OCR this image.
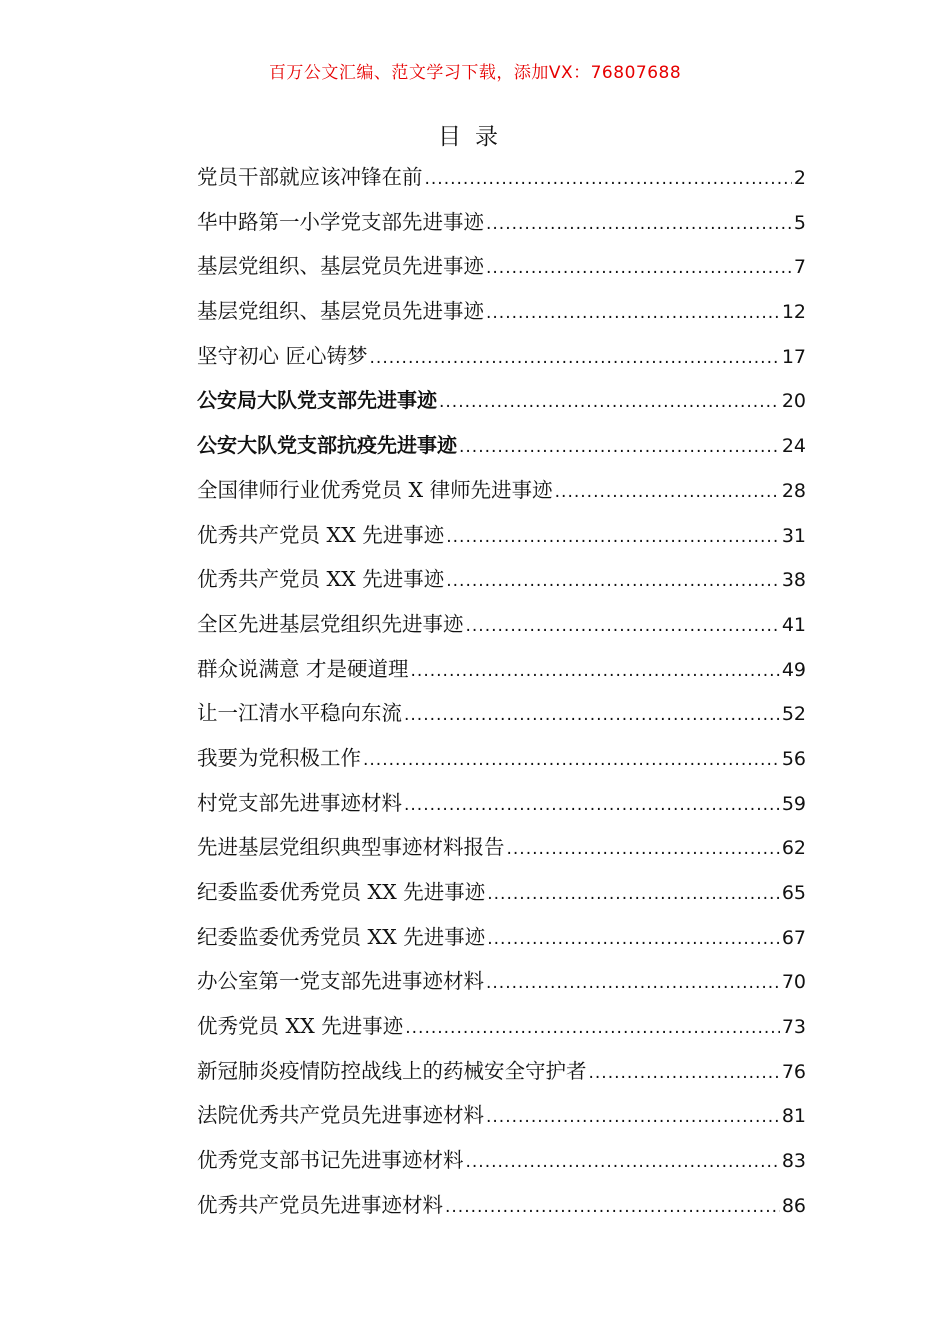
百万公文汇编、范文学习下载，添加VX：76807688
目录
党员干部就应该冲锋在前 .....	2
华中路第一小学党支部先进事迹 .....	5
基层党组织、基层党员先进事迹 .....	7
基层党组织、基层党员先进事迹 .....	12
坚守初心 匠心铸梦 .....	17
公安局大队党支部先进事迹 .....	20
公安大队党支部抗疫先进事迹 .....	24
全国律师行业优秀党员 X 律师先进事迹 .....	28
优秀共产党员 XX 先进事迹 .....	31
优秀共产党员 XX 先进事迹 .....	38
全区先进基层党组织先进事迹 .....	41
群众说满意 才是硬道理 .....	49
让一江清水平稳向东流 .....	52
我要为党积极工作 .....	56
村党支部先进事迹材料 .....	59
先进基层党组织典型事迹材料报告 .....	62
纪委监委优秀党员 XX 先进事迹 .....	65
纪委监委优秀党员 XX 先进事迹 .....	67
办公室第一党支部先进事迹材料 .....	70
优秀党员 XX 先进事迹 .....	73
新冠肺炎疫情防控战线上的药械安全守护者 .....	76
法院优秀共产党员先进事迹材料 .....	81
优秀党支部书记先进事迹材料 .....	83
优秀共产党员先进事迹材料 .....	86
